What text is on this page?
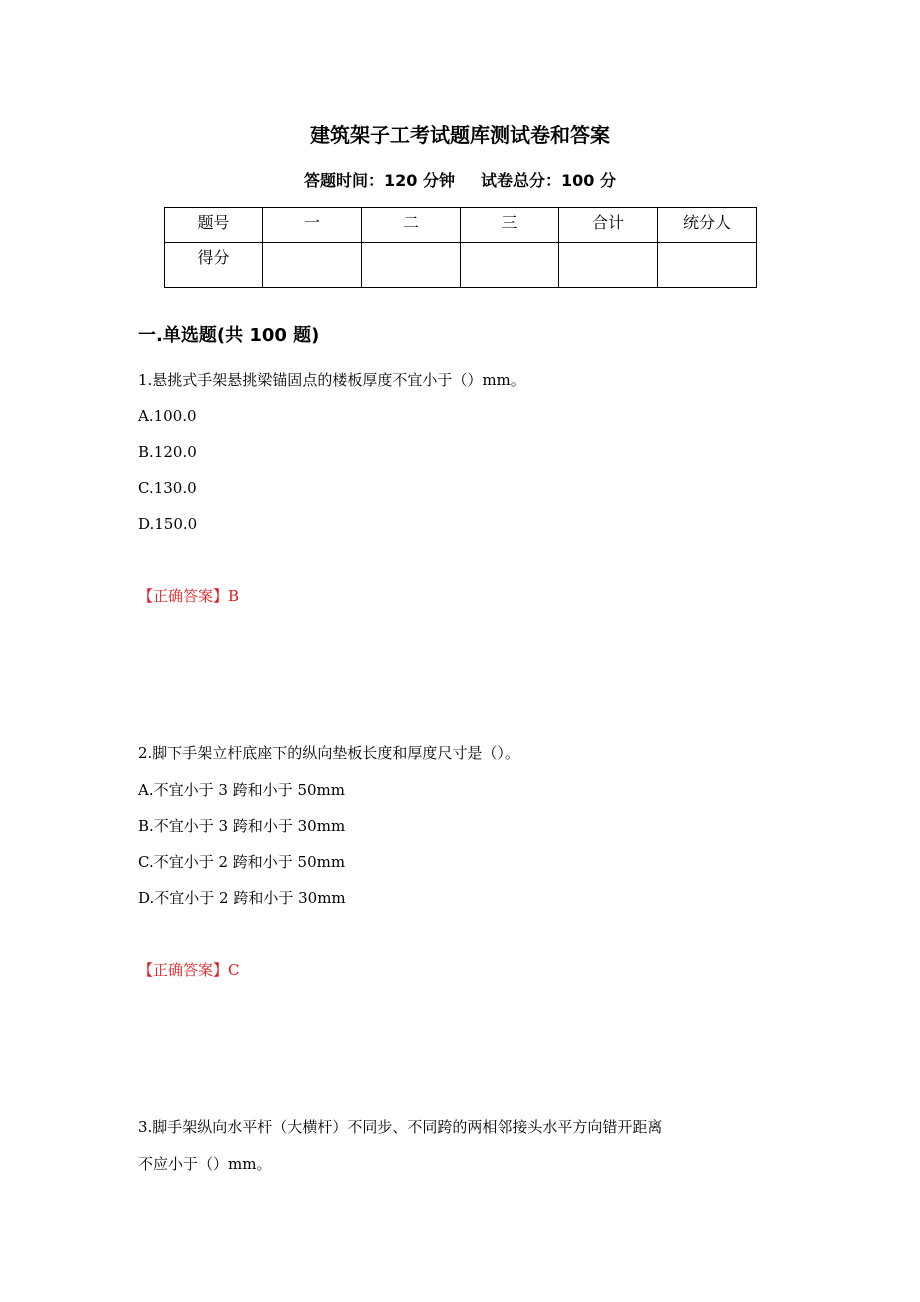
建筑架子工考试题库测试卷和答案
答题时间：120 分钟 试卷总分：100 分
题号	一	二	三	合计	统分人
得分					
一.单选题(共 100 题)
1.悬挑式手架悬挑梁锚固点的楼板厚度不宜小于（）mm。
A.100.0
B.120.0
C.130.0
D.150.0
【正确答案】B
2.脚下手架立杆底座下的纵向垫板长度和厚度尺寸是（）。
A.不宜小于 3 跨和小于 50mm
B.不宜小于 3 跨和小于 30mm
C.不宜小于 2 跨和小于 50mm
D.不宜小于 2 跨和小于 30mm
【正确答案】C
3.脚手架纵向水平杆（大横杆）不同步、不同跨的两相邻接头水平方向错开距离
不应小于（）mm。
